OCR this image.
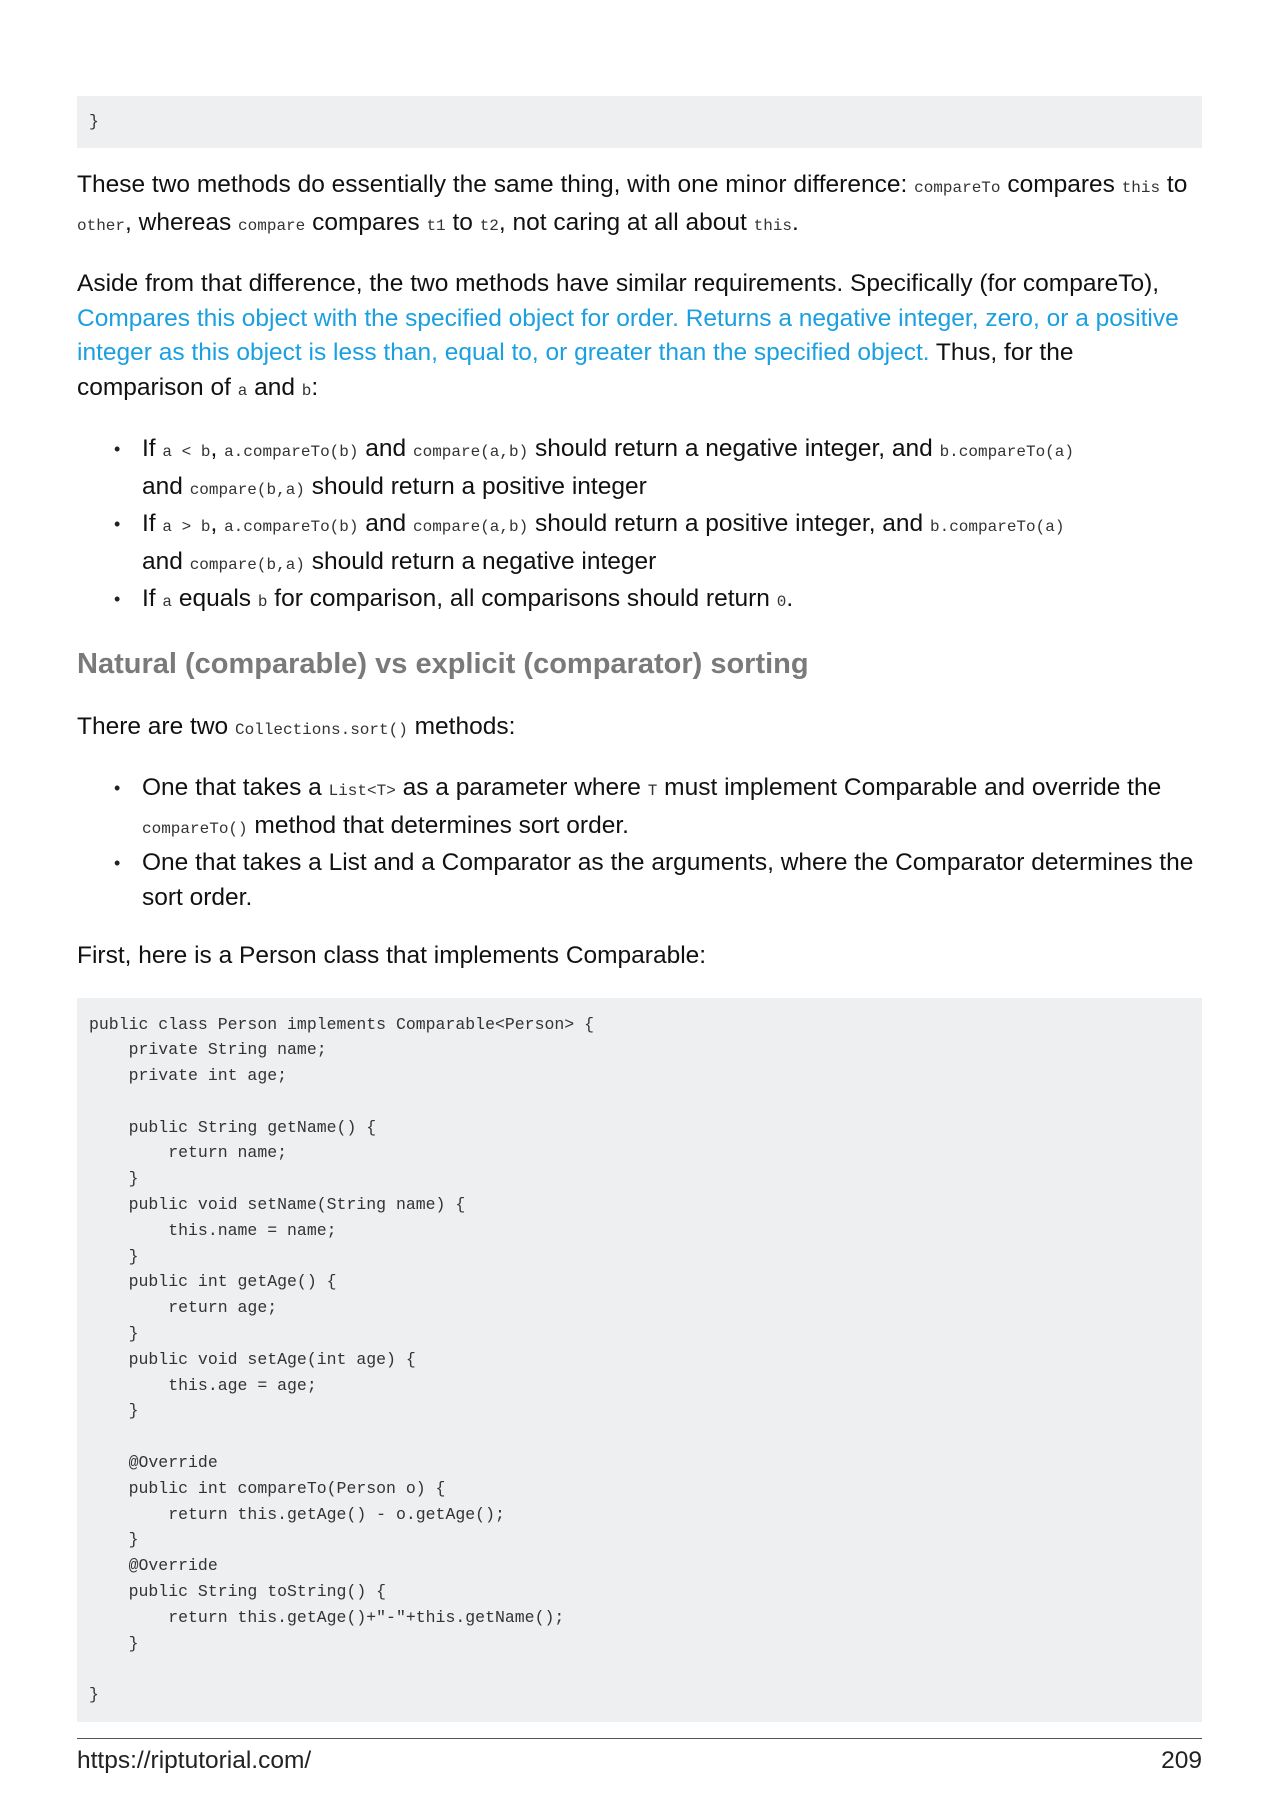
}

These two methods do essentially the same thing, with one minor difference: compareTo compares this to other, whereas compare compares t1 to t2, not caring at all about this.

Aside from that difference, the two methods have similar requirements. Specifically (for compareTo), Compares this object with the specified object for order. Returns a negative integer, zero, or a positive integer as this object is less than, equal to, or greater than the specified object. Thus, for the comparison of a and b:

• If a < b, a.compareTo(b) and compare(a,b) should return a negative integer, and b.compareTo(a)
and compare(b,a) should return a positive integer
• If a > b, a.compareTo(b) and compare(a,b) should return a positive integer, and b.compareTo(a)
and compare(b,a) should return a negative integer
• If a equals b for comparison, all comparisons should return 0.
Natural (comparable) vs explicit (comparator) sorting

There are two Collections.sort() methods:

• One that takes a List<T> as a parameter where T must implement Comparable and override the compareTo() method that determines sort order.
• One that takes a List and a Comparator as the arguments, where the Comparator determines the sort order.

First, here is a Person class that implements Comparable:

public class Person implements Comparable<Person> {
private String name;
private int age;

public String getName() {
return name;
}
public void setName(String name) {
this.name = name;
}
public int getAge() {
return age;
}
public void setAge(int age) {
this.age = age;
}

@Override
public int compareTo(Person o) {
return this.getAge() - o.getAge();
}
@Override
public String toString() {
return this.getAge()+"-"+this.getName();
}

}
https://riptutorial.com/	209
